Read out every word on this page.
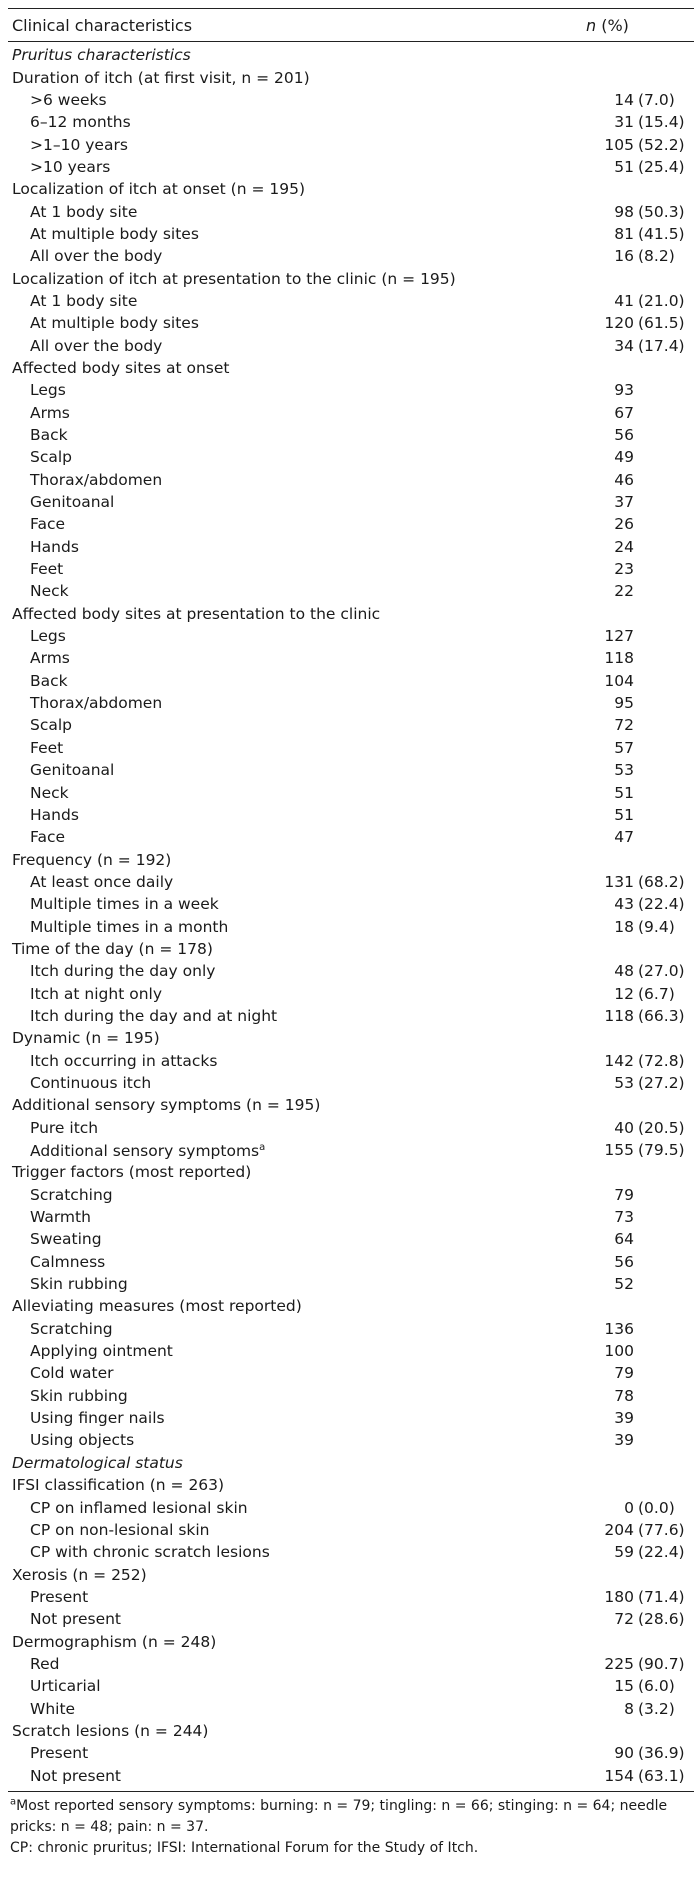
Clinical characteristics	n (%)
Pruritus characteristics
Duration of itch (at first visit, n = 201)
>6 weeks	14 (7.0)
6–12 months	31 (15.4)
>1–10 years	105 (52.2)
>10 years	51 (25.4)
Localization of itch at onset (n = 195)
At 1 body site	98 (50.3)
At multiple body sites	81 (41.5)
All over the body	16 (8.2)
Localization of itch at presentation to the clinic (n = 195)
At 1 body site	41 (21.0)
At multiple body sites	120 (61.5)
All over the body	34 (17.4)
Affected body sites at onset
Legs	93
Arms	67
Back	56
Scalp	49
Thorax/abdomen	46
Genitoanal	37
Face	26
Hands	24
Feet	23
Neck	22
Affected body sites at presentation to the clinic
Legs	127
Arms	118
Back	104
Thorax/abdomen	95
Scalp	72
Feet	57
Genitoanal	53
Neck	51
Hands	51
Face	47
Frequency (n = 192)
At least once daily	131 (68.2)
Multiple times in a week	43 (22.4)
Multiple times in a month	18 (9.4)
Time of the day (n = 178)
Itch during the day only	48 (27.0)
Itch at night only	12 (6.7)
Itch during the day and at night	118 (66.3)
Dynamic (n = 195)
Itch occurring in attacks	142 (72.8)
Continuous itch	53 (27.2)
Additional sensory symptoms (n = 195)
Pure itch	40 (20.5)
Additional sensory symptoms$^a$	155 (79.5)
Trigger factors (most reported)
Scratching	79
Warmth	73
Sweating	64
Calmness	56
Skin rubbing	52
Alleviating measures (most reported)
Scratching	136
Applying ointment	100
Cold water	79
Skin rubbing	78
Using finger nails	39
Using objects	39
Dermatological status
IFSI classification (n = 263)
CP on inflamed lesional skin	0 (0.0)
CP on non-lesional skin	204 (77.6)
CP with chronic scratch lesions	59 (22.4)
Xerosis (n = 252)
Present	180 (71.4)
Not present	72 (28.6)
Dermographism (n = 248)
Red	225 (90.7)
Urticarial	15 (6.0)
White	8 (3.2)
Scratch lesions (n = 244)
Present	90 (36.9)
Not present	154 (63.1)
$^a$Most reported sensory symptoms: burning: n = 79; tingling: n = 66; stinging: n = 64; needle pricks: n = 48; pain: n = 37.
CP: chronic pruritus; IFSI: International Forum for the Study of Itch.
